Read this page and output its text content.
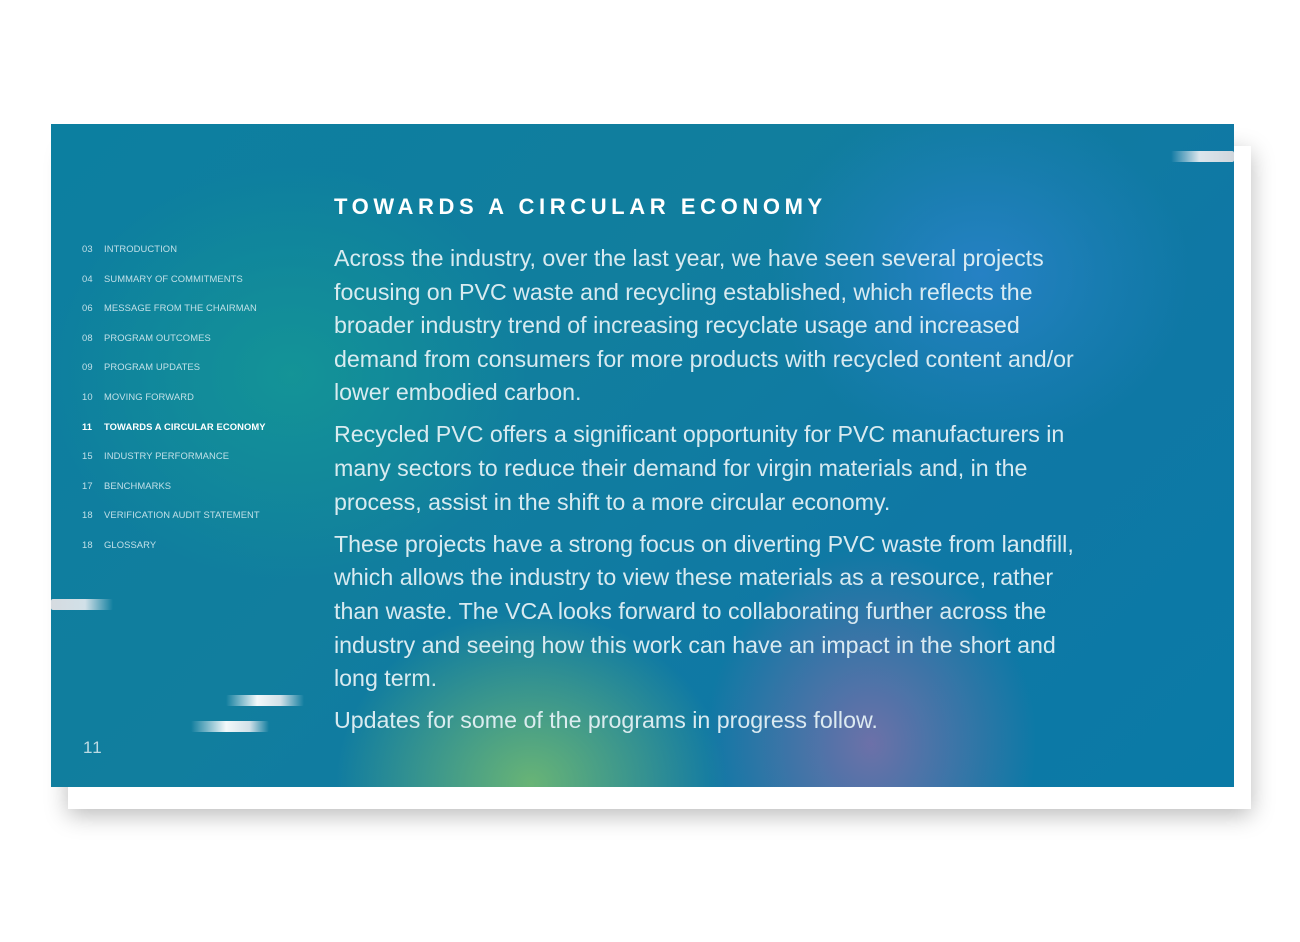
03	INTRODUCTION
04	SUMMARY OF COMMITMENTS
06	MESSAGE FROM THE CHAIRMAN
08	PROGRAM OUTCOMES
09	PROGRAM UPDATES
10	MOVING FORWARD
11	TOWARDS A CIRCULAR ECONOMY
15	INDUSTRY PERFORMANCE
17	BENCHMARKS
18	VERIFICATION AUDIT STATEMENT
18	GLOSSARY
TOWARDS A CIRCULAR ECONOMY

Across the industry, over the last year, we have seen several projects focusing on PVC waste and recycling established, which reflects the broader industry trend of increasing recyclate usage and increased demand from consumers for more products with recycled content and/or lower embodied carbon.

Recycled PVC offers a significant opportunity for PVC manufacturers in many sectors to reduce their demand for virgin materials and, in the process, assist in the shift to a more circular economy.

These projects have a strong focus on diverting PVC waste from landfill, which allows the industry to view these materials as a resource, rather than waste. The VCA looks forward to collaborating further across the industry and seeing how this work can have an impact in the short and long term.

Updates for some of the programs in progress follow.

11
